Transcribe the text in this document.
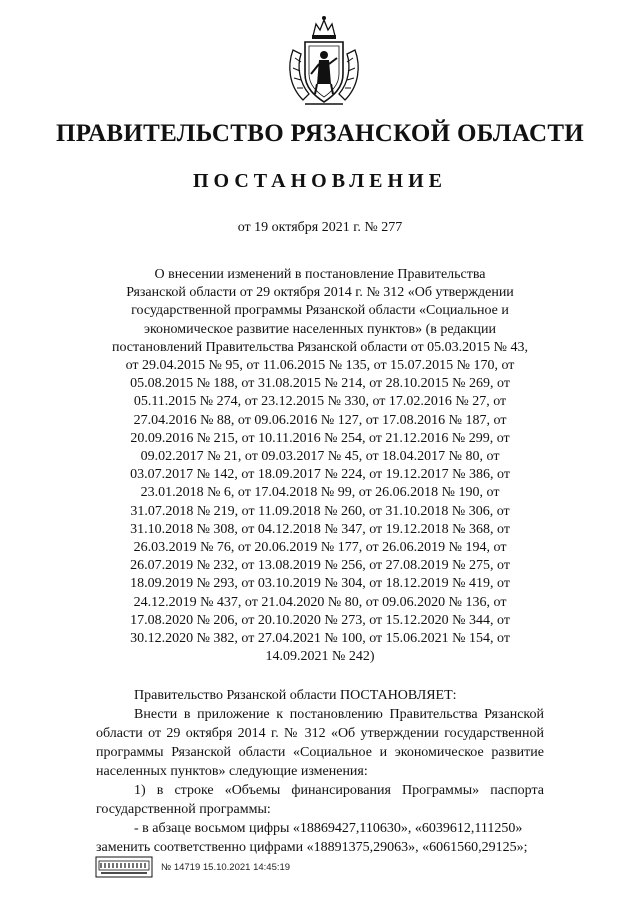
ПРАВИТЕЛЬСТВО РЯЗАНСКОЙ ОБЛАСТИ
ПОСТАНОВЛЕНИЕ
от 19 октября 2021 г. № 277
О внесении изменений в постановление Правительства
Рязанской области от 29 октября 2014 г. № 312 «Об утверждении
государственной программы Рязанской области «Социальное и
экономическое развитие населенных пунктов» (в редакции
постановлений Правительства Рязанской области от 05.03.2015 № 43,
от 29.04.2015 № 95, от 11.06.2015 № 135, от 15.07.2015 № 170, от
05.08.2015 № 188, от 31.08.2015 № 214, от 28.10.2015 № 269, от
05.11.2015 № 274, от 23.12.2015 № 330, от 17.02.2016 № 27, от
27.04.2016 № 88, от 09.06.2016 № 127, от 17.08.2016 № 187, от
20.09.2016 № 215, от 10.11.2016 № 254, от 21.12.2016 № 299, от
09.02.2017 № 21, от 09.03.2017 № 45, от 18.04.2017 № 80, от
03.07.2017 № 142, от 18.09.2017 № 224, от 19.12.2017 № 386, от
23.01.2018 № 6, от 17.04.2018 № 99, от 26.06.2018 № 190, от
31.07.2018 № 219, от 11.09.2018 № 260, от 31.10.2018 № 306, от
31.10.2018 № 308, от 04.12.2018 № 347, от 19.12.2018 № 368, от
26.03.2019 № 76, от 20.06.2019 № 177, от 26.06.2019 № 194, от
26.07.2019 № 232, от 13.08.2019 № 256, от 27.08.2019 № 275, от
18.09.2019 № 293, от 03.10.2019 № 304, от 18.12.2019 № 419, от
24.12.2019 № 437, от 21.04.2020 № 80, от 09.06.2020 № 136, от
17.08.2020 № 206, от 20.10.2020 № 273, от 15.12.2020 № 344, от
30.12.2020 № 382, от 27.04.2021 № 100, от 15.06.2021 № 154, от
14.09.2021 № 242)

Правительство Рязанской области ПОСТАНОВЛЯЕТ:

Внести в приложение к постановлению Правительства Рязанской области от 29 октября 2014 г. № 312 «Об утверждении государственной программы Рязанской области «Социальное и экономическое развитие населенных пунктов» следующие изменения:

1) в строке «Объемы финансирования Программы» паспорта государственной программы:

- в абзаце восьмом цифры «18869427,110630», «6039612,111250»

заменить соответственно цифрами «18891375,29063», «6061560,29125»;

№ 14719 15.10.2021 14:45:19
